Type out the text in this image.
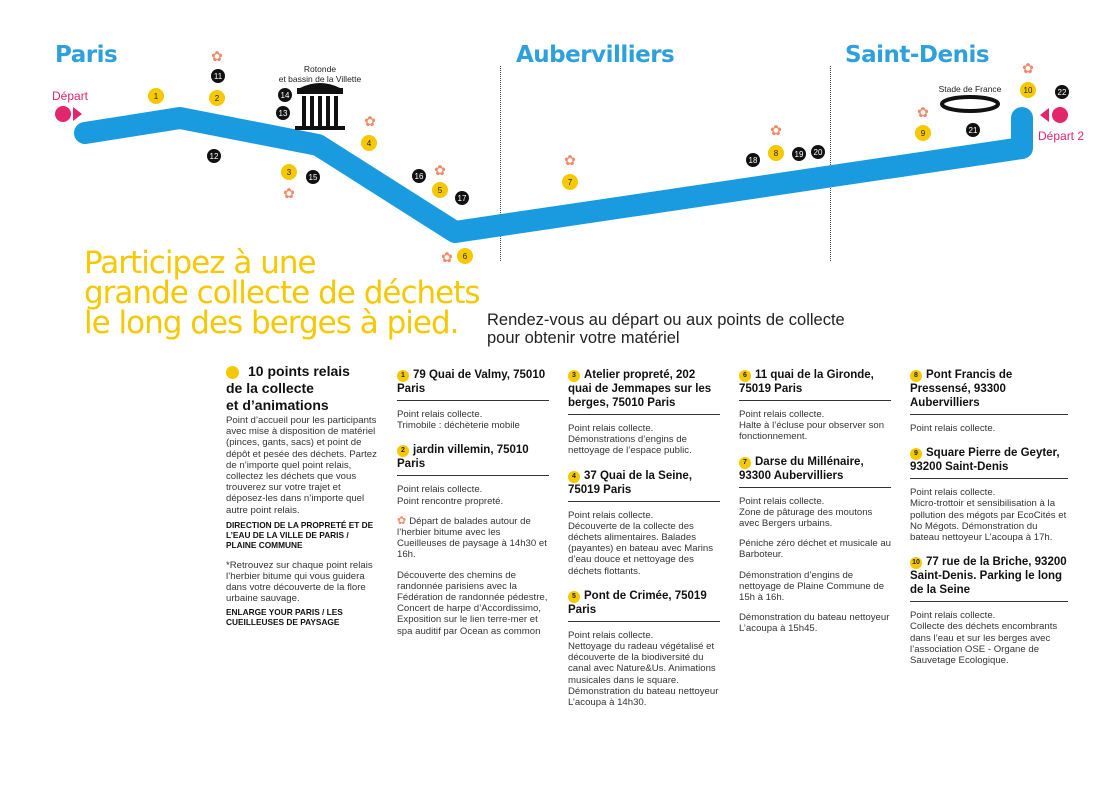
Paris	Aubervilliers	Saint-Denis
1	2
3
4
5
6
7
8
9
10
11
12
13
14
15	16
17
18
19 20
21
22
✿
✿
✿
✿
✿
✿
✿
✿
✿
Départ
Départ 2
Rotonde
et bassin de la Villette
Stade de France
Participez à une
grande collecte de déchets
le long des berges à pied.	Rendez-vous au départ ou aux points de collecte
pour obtenir votre matériel
10 points relais
de la collecte
et d’animations

Point d’accueil pour les participants avec mise à disposition de matériel (pinces, gants, sacs) et point de dépôt et pesée des déchets. Partez de n’importe quel point relais, collectez les déchets que vous trouverez sur votre trajet et déposez-les dans n’importe quel autre point relais.

DIRECTION DE LA PROPRETÉ ET DE L’EAU DE LA VILLE DE PARIS / PLAINE COMMUNE

*Retrouvez sur chaque point relais l’herbier bitume qui vous guidera dans votre découverte de la flore urbaine sauvage.

ENLARGE YOUR PARIS / LES CUEILLEUSES DE PAYSAGE

1 79 Quai de Valmy, 75010 Paris

Point relais collecte.

Trimobile : déchèterie mobile

2 jardin villemin, 75010 Paris

Point relais collecte.

Point rencontre propreté.

✿ Départ de balades autour de l’herbier bitume avec les Cueilleuses de paysage à 14h30 et 16h.

Découverte des chemins de randonnée parisiens avec la Fédération de randonnée pédestre, Concert de harpe d’Accordissimo, Exposition sur le lien terre-mer et spa auditif par Ocean as common

3 Atelier propreté, 202 quai de Jemmapes sur les berges, 75010 Paris

Point relais collecte.

Démonstrations d’engins de nettoyage de l’espace public.

4 37 Quai de la Seine, 75019 Paris

Point relais collecte.

Découverte de la collecte des déchets alimentaires. Balades (payantes) en bateau avec Marins d’eau douce et nettoyage des déchets flottants.

5 Pont de Crimée, 75019 Paris

Point relais collecte.

Nettoyage du radeau végétalisé et découverte de la biodiversité du canal avec Nature&Us. Animations musicales dans le square. Démonstration du bateau nettoyeur L’acoupa à 14h30.

6 11 quai de la Gironde, 75019 Paris

Point relais collecte.

Halte à l’écluse pour observer son fonctionnement.

7 Darse du Millénaire, 93300 Aubervilliers

Point relais collecte.

Zone de pâturage des moutons avec Bergers urbains.

Péniche zéro déchet et musicale au Barboteur.

Démonstration d’engins de nettoyage de Plaine Commune de 15h à 16h.

Démonstration du bateau nettoyeur L’acoupa à 15h45.

8 Pont Francis de Pressensé, 93300 Aubervilliers

Point relais collecte.

9 Square Pierre de Geyter, 93200 Saint-Denis

Point relais collecte.

Micro-trottoir et sensibilisation à la pollution des mégots par EcoCités et No Mégots. Démonstration du bateau nettoyeur L’acoupa à 17h.

10 77 rue de la Briche, 93200 Saint-Denis. Parking le long de la Seine

Point relais collecte.

Collecte des déchets encombrants dans l’eau et sur les berges avec l’association OSE - Organe de Sauvetage Ecologique.
